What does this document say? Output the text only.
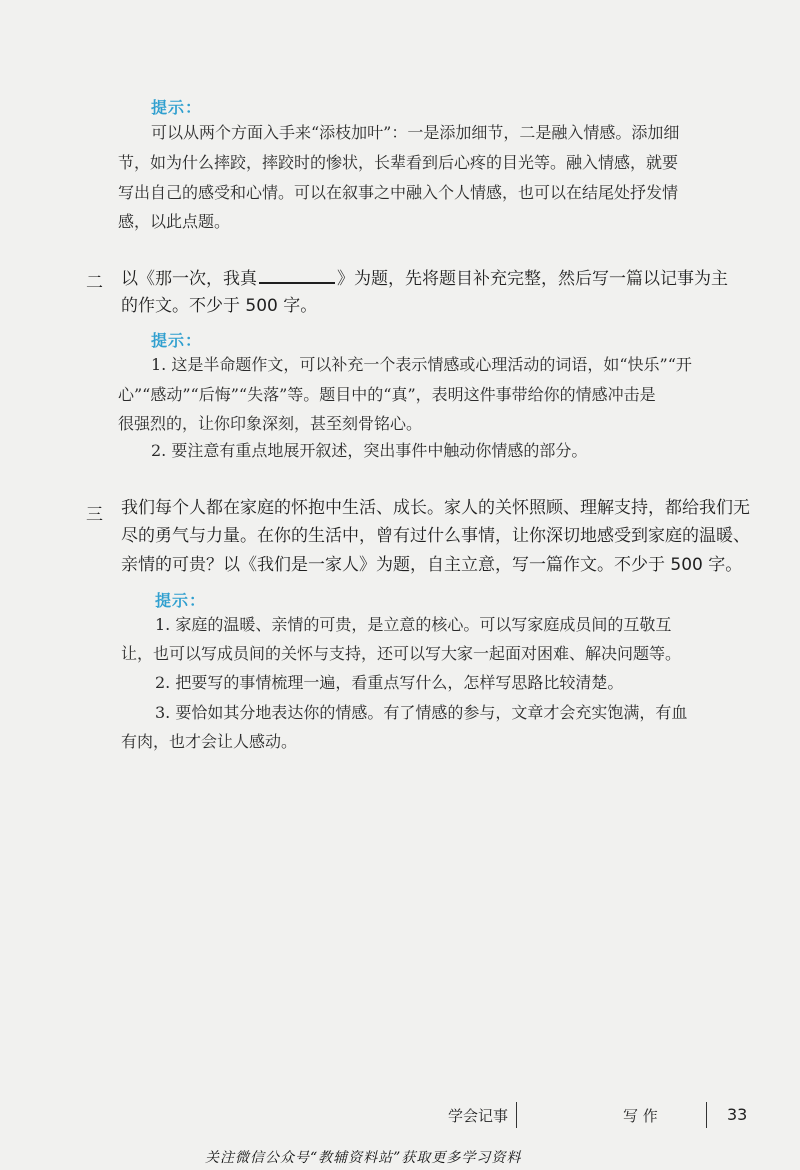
提示：
可以从两个方面入手来“添枝加叶”：一是添加细节，二是融入情感。添加细
节，如为什么摔跤，摔跤时的惨状，长辈看到后心疼的目光等。融入情感，就要
写出自己的感受和心情。可以在叙事之中融入个人情感，也可以在结尾处抒发情
感，以此点题。
二 以《那一次，我真	》为题，先将题目补充完整，然后写一篇以记事为主
的作文。不少于 500 字。
提示：
1. 这是半命题作文，可以补充一个表示情感或心理活动的词语，如“快乐”“开
心”“感动”“后悔”“失落”等。题目中的“真”，表明这件事带给你的情感冲击是
很强烈的，让你印象深刻，甚至刻骨铭心。
2. 要注意有重点地展开叙述，突出事件中触动你情感的部分。
三 我们每个人都在家庭的怀抱中生活、成长。家人的关怀照顾、理解支持，都给我们无
尽的勇气与力量。在你的生活中，曾有过什么事情，让你深切地感受到家庭的温暖、
亲情的可贵？以《我们是一家人》为题，自主立意，写一篇作文。不少于 500 字。
提示：
1. 家庭的温暖、亲情的可贵，是立意的核心。可以写家庭成员间的互敬互
让，也可以写成员间的关怀与支持，还可以写大家一起面对困难、解决问题等。
2. 把要写的事情梳理一遍，看重点写什么，怎样写思路比较清楚。
3. 要恰如其分地表达你的情感。有了情感的参与，文章才会充实饱满，有血
有肉，也才会让人感动。
学会记事	写 作	33
关注微信公众号“教辅资料站”获取更多学习资料
